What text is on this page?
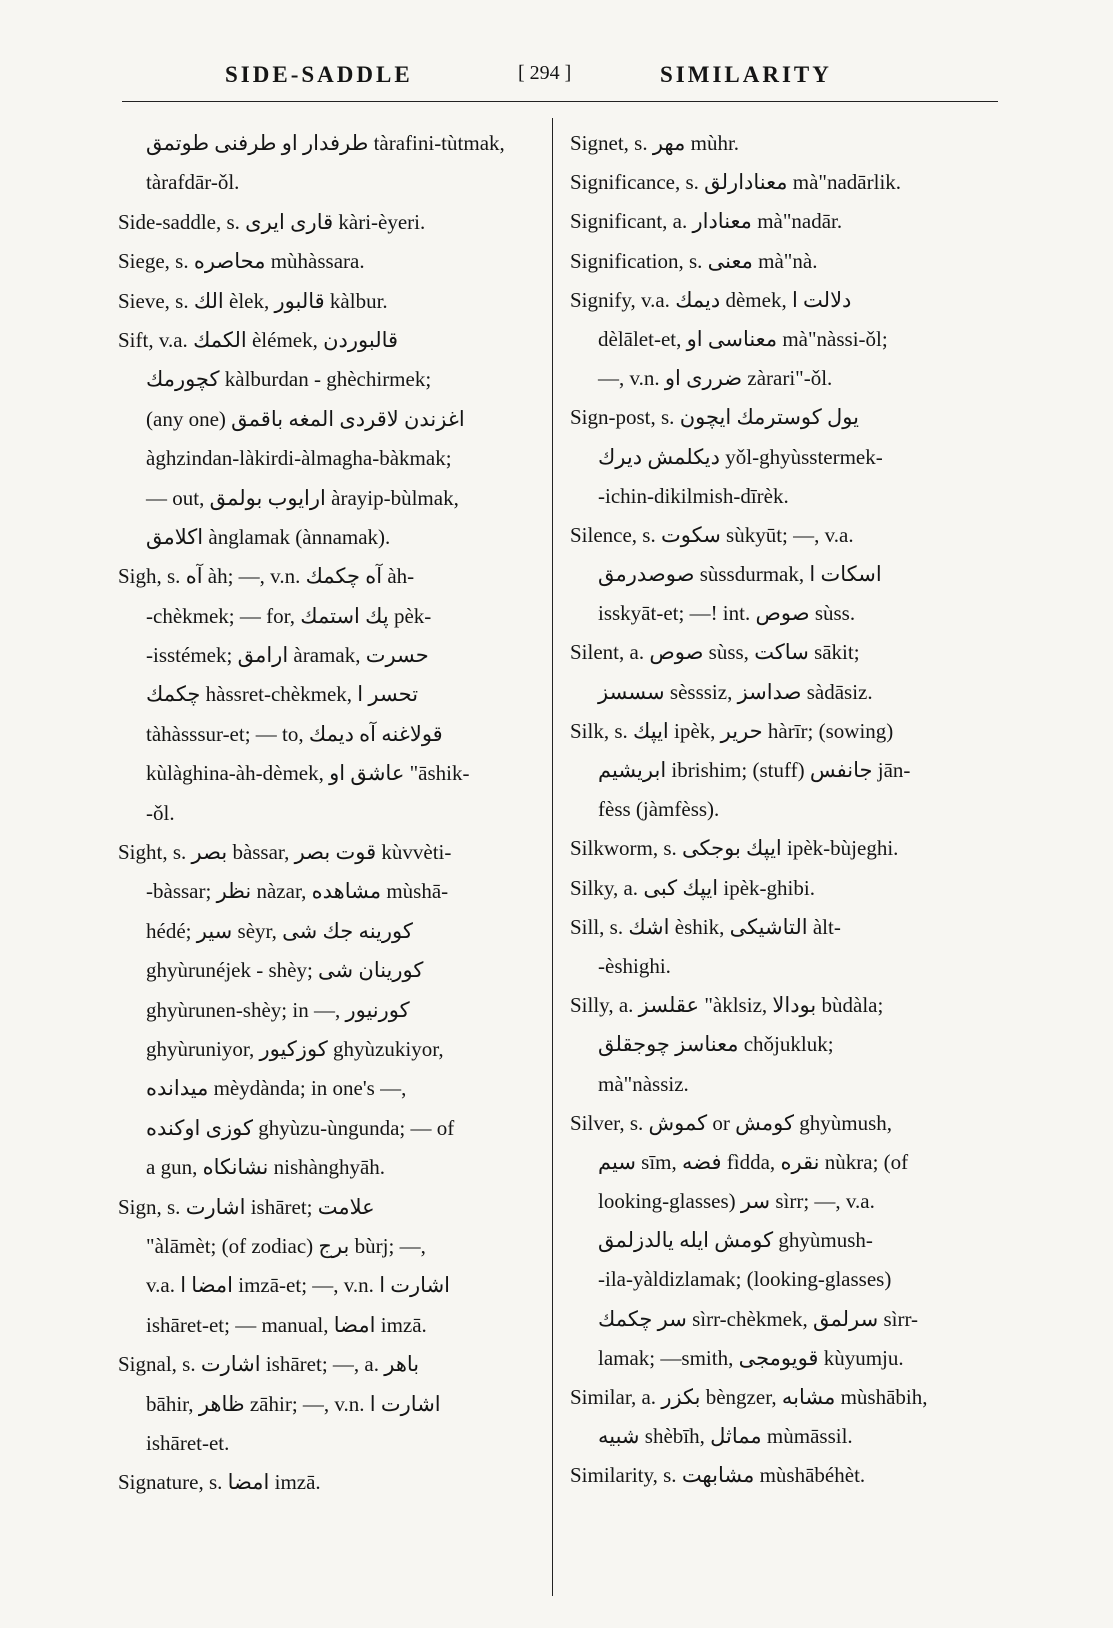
SIDE-SADDLE	[ 294 ]	SIMILARITY
طرفدار او طرفنى طوتمق tàrafini-tùtmak,
tàrafdār-ǒl.
Side-saddle, s. قارى ايرى kàri-èyeri.
Siege, s. محاصره mùhàssara.
Sieve, s. الك èlek, قالبور kàlbur.
Sift, v.a. الكمك èlémek, قالبوردن
كچورمك kàlburdan - ghèchirmek;
(any one) اغزندن لاقردى المغه باقمق
àghzindan-làkirdi-àlmagha-bàkmak;
— out, ارايوب بولمق àrayip-bùlmak,
اكلامق ànglamak (ànnamak).
Sigh, s. آه àh; —, v.n. آه چكمك àh-
-chèkmek; — for, پك استمك pèk-
-isstémek; ارامق àramak, حسرت
چكمك hàssret-chèkmek, تحسر ا
tàhàsssur-et; — to, قولاغنه آه ديمك
kùlàghina-àh-dèmek, عاشق او "āshik-
-ǒl.
Sight, s. بصر bàssar, قوت بصر kùvvèti-
-bàssar; نظر nàzar, مشاهده mùshā-
hédé; سير sèyr, كورينه جك شى
ghyùrunéjek - shèy; كورينان شى
ghyùrunen-shèy; in —, كورنيور
ghyùruniyor, كوزكيور ghyùzukiyor,
ميدانده mèydànda; in one's —,
كوزى اوكنده ghyùzu-ùngunda; — of
a gun, نشانكاه nishànghyāh.
Sign, s. اشارت ishāret; علامت
"àlāmèt; (of zodiac) برج bùrj; —,
v.a. امضا ا imzā-et; —, v.n. اشارت ا
ishāret-et; — manual, امضا imzā.
Signal, s. اشارت ishāret; —, a. باهر
bāhir, ظاهر zāhir; —, v.n. اشارت ا
ishāret-et.
Signature, s. امضا imzā.
Signet, s. مهر mùhr.
Significance, s. معنادارلق mà"nadārlik.
Significant, a. معنادار mà"nadār.
Signification, s. معنى mà"nà.
Signify, v.a. ديمك dèmek, دلالت ا
dèlālet-et, معناسى او mà"nàssi-ǒl;
—, v.n. ضررى او zàrari"-ǒl.
Sign-post, s. يول كوسترمك ايچون
ديكلمش ديرك yǒl-ghyùsstermek-
-ichin-dikilmish-dīrèk.
Silence, s. سكوت sùkyūt; —, v.a.
صوصدرمق sùssdurmak, اسكات ا
isskyāt-et; —! int. صوص sùss.
Silent, a. صوص sùss, ساكت sākit;
سسسز sèsssiz, صداسز sàdāsiz.
Silk, s. ايپك ipèk, حرير hàrīr; (sowing)
ابريشيم ibrishim; (stuff) جانفس jān-
fèss (jàmfèss).
Silkworm, s. ايپك بوجكى ipèk-bùjeghi.
Silky, a. ايپك كبى ipèk-ghibi.
Sill, s. اشك èshik, التاشيكى àlt-
-èshighi.
Silly, a. عقلسز "àklsiz, بودالا bùdàla;
معناسز چوجقلق chǒjukluk;
mà"nàssiz.
Silver, s. كموش or كومش ghyùmush,
سيم sīm, فضه fìdda, نقره nùkra; (of
looking-glasses) سر sìrr; —, v.a.
كومش ايله يالدزلمق ghyùmush-
-ila-yàldizlamak; (looking-glasses)
سر چكمك sìrr-chèkmek, سرلمق sìrr-
lamak; —smith, قويومجى kùyumju.
Similar, a. بكزر bèngzer, مشابه mùshābih,
شبيه shèbīh, مماثل mùmāssil.
Similarity, s. مشابهت mùshābéhèt.
